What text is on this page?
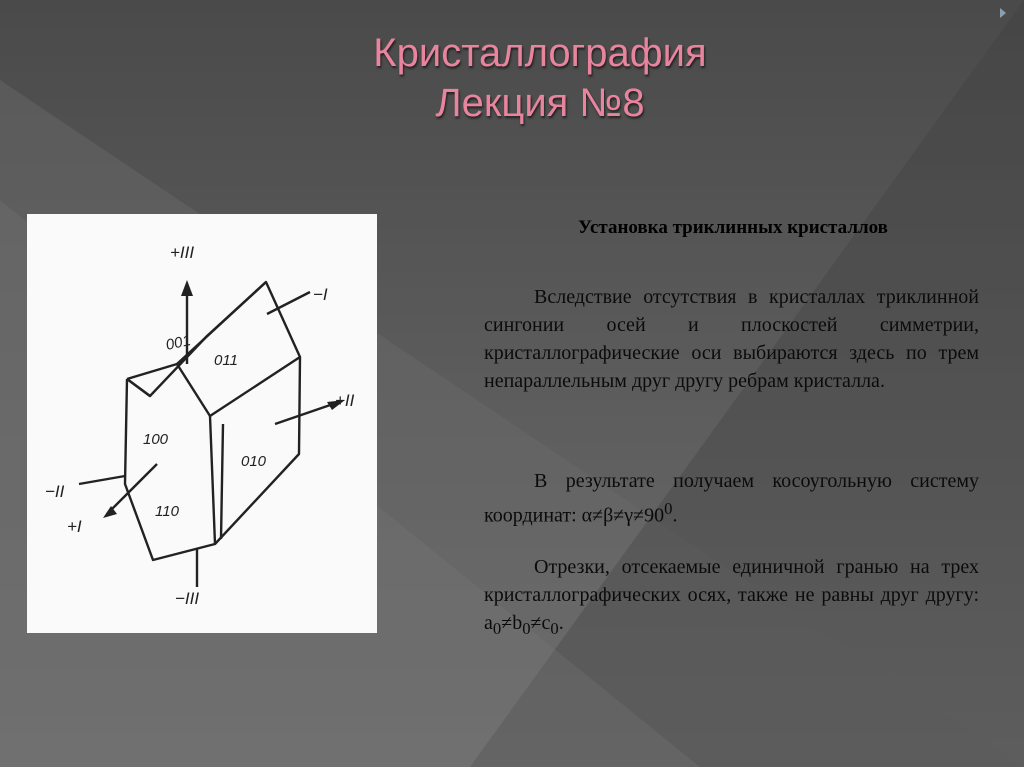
Кристаллография
Лекция №8
+III
−I
+II
−II
+I
−III
001
011
100
010
110
Установка триклинных кристаллов

Вследствие отсутствия в кристаллах триклинной сингонии осей и плоскостей симметрии, кристаллографические оси выбираются здесь по трем непараллельным друг другу ребрам кристалла.

В результате получаем косоугольную систему координат: $\alpha\ne\beta\ne\gamma\ne 90^0$.

Отрезки, отсекаемые единичной гранью на трех кристаллографических осях, также не равны друг другу: $a_0\ne b_0\ne c_0$.
